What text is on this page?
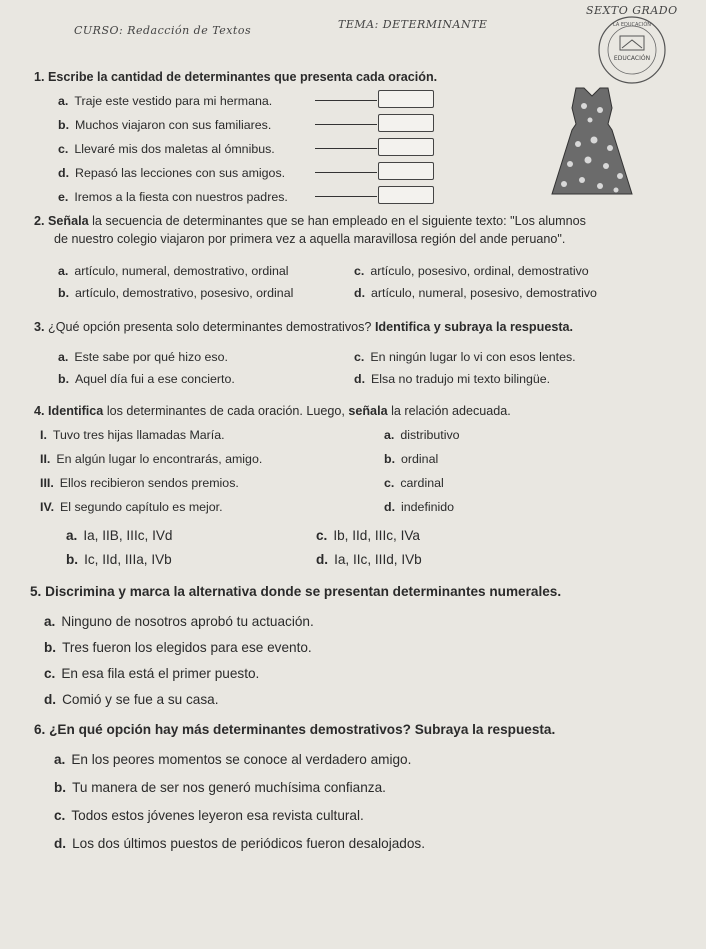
CURSO: Redacción de Textos	TEMA: DETERMINANTE
SEXTO GRADO
EDUCACIÓN
LA EDUCACIÓN
1. Escribe la cantidad de determinantes que presenta cada oración.
a. Traje este vestido para mi hermana.
b. Muchos viajaron con sus familiares.
c. Llevaré mis dos maletas al ómnibus.
d. Repasó las lecciones con sus amigos.
e. Iremos a la fiesta con nuestros padres.
2. Señala la secuencia de determinantes que se han empleado en el siguiente texto: "Los alumnos
de nuestro colegio viajaron por primera vez a aquella maravillosa región del ande peruano".
a. artículo, numeral, demostrativo, ordinal
b. artículo, demostrativo, posesivo, ordinal
c. artículo, posesivo, ordinal, demostrativo
d. artículo, numeral, posesivo, demostrativo
3. ¿Qué opción presenta solo determinantes demostrativos? Identifica y subraya la respuesta.
a. Este sabe por qué hizo eso.
b. Aquel día fui a ese concierto.
c. En ningún lugar lo vi con esos lentes.
d. Elsa no tradujo mi texto bilingüe.
4. Identifica los determinantes de cada oración. Luego, señala la relación adecuada.
I. Tuvo tres hijas llamadas María.
II. En algún lugar lo encontrarás, amigo.
III. Ellos recibieron sendos premios.
IV. El segundo capítulo es mejor.
a. distributivo
b. ordinal
c. cardinal
d. indefinido
a. Ia, IIB, IIIc, IVd
b. Ic, IId, IIIa, IVb
c. Ib, IId, IIIc, IVa
d. Ia, IIc, IIId, IVb
5. Discrimina y marca la alternativa donde se presentan determinantes numerales.
a. Ninguno de nosotros aprobó tu actuación.
b. Tres fueron los elegidos para ese evento.
c. En esa fila está el primer puesto.
d. Comió y se fue a su casa.
6. ¿En qué opción hay más determinantes demostrativos? Subraya la respuesta.
a. En los peores momentos se conoce al verdadero amigo.
b. Tu manera de ser nos generó muchísima confianza.
c. Todos estos jóvenes leyeron esa revista cultural.
d. Los dos últimos puestos de periódicos fueron desalojados.
